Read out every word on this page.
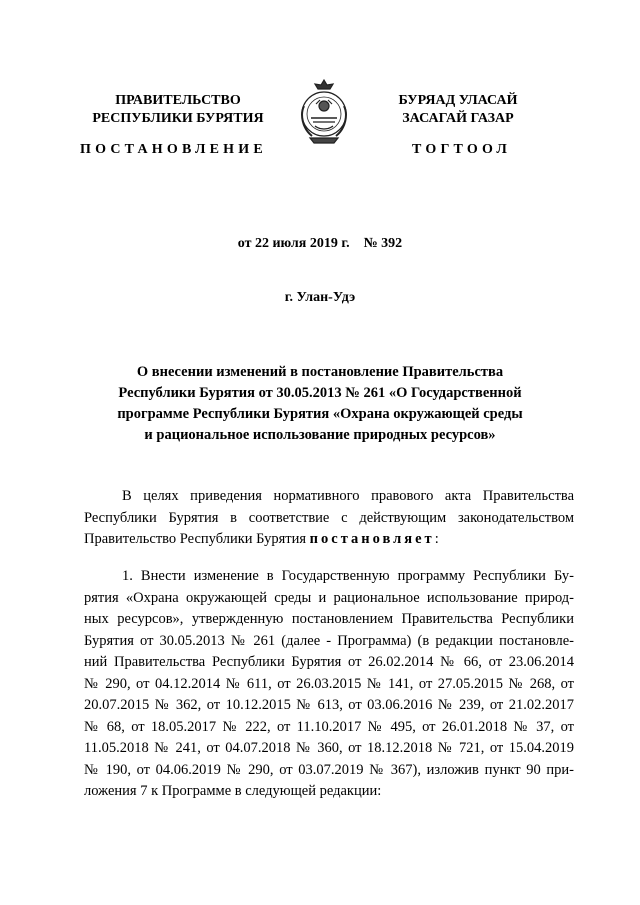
ПРАВИТЕЛЬСТВО
РЕСПУБЛИКИ БУРЯТИЯ
БУРЯАД УЛАСАЙ
ЗАСАГАЙ ГАЗАР
ПОСТАНОВЛЕНИЕ	ТОГТООЛ
от 22 июля 2019 г.    № 392
г. Улан-Удэ
О внесении изменений в постановление Правительства
Республики Бурятия от 30.05.2013 № 261 «О Государственной
программе Республики Бурятия «Охрана окружающей среды
и рациональное использование природных ресурсов»
В целях приведения нормативного правового акта Правительства
Республики Бурятия в соответствие с действующим законодательством
Правительство Республики Бурятия постановляет:
1. Внести изменение в Государственную программу Республики Бу-
рятия «Охрана окружающей среды и рациональное использование природ-
ных ресурсов», утвержденную постановлением Правительства Республики
Бурятия от 30.05.2013 № 261 (далее - Программа) (в редакции постановле-
ний Правительства Республики Бурятия от 26.02.2014 № 66, от 23.06.2014
№ 290, от 04.12.2014 № 611, от 26.03.2015 № 141, от 27.05.2015 № 268, от
20.07.2015 № 362, от 10.12.2015 № 613, от 03.06.2016 № 239, от 21.02.2017
№ 68, от 18.05.2017 № 222, от 11.10.2017 № 495, от 26.01.2018 № 37, от
11.05.2018 № 241, от 04.07.2018 № 360, от 18.12.2018 № 721, от 15.04.2019
№ 190, от 04.06.2019 № 290, от 03.07.2019 № 367), изложив пункт 90 при-
ложения 7 к Программе в следующей редакции:
